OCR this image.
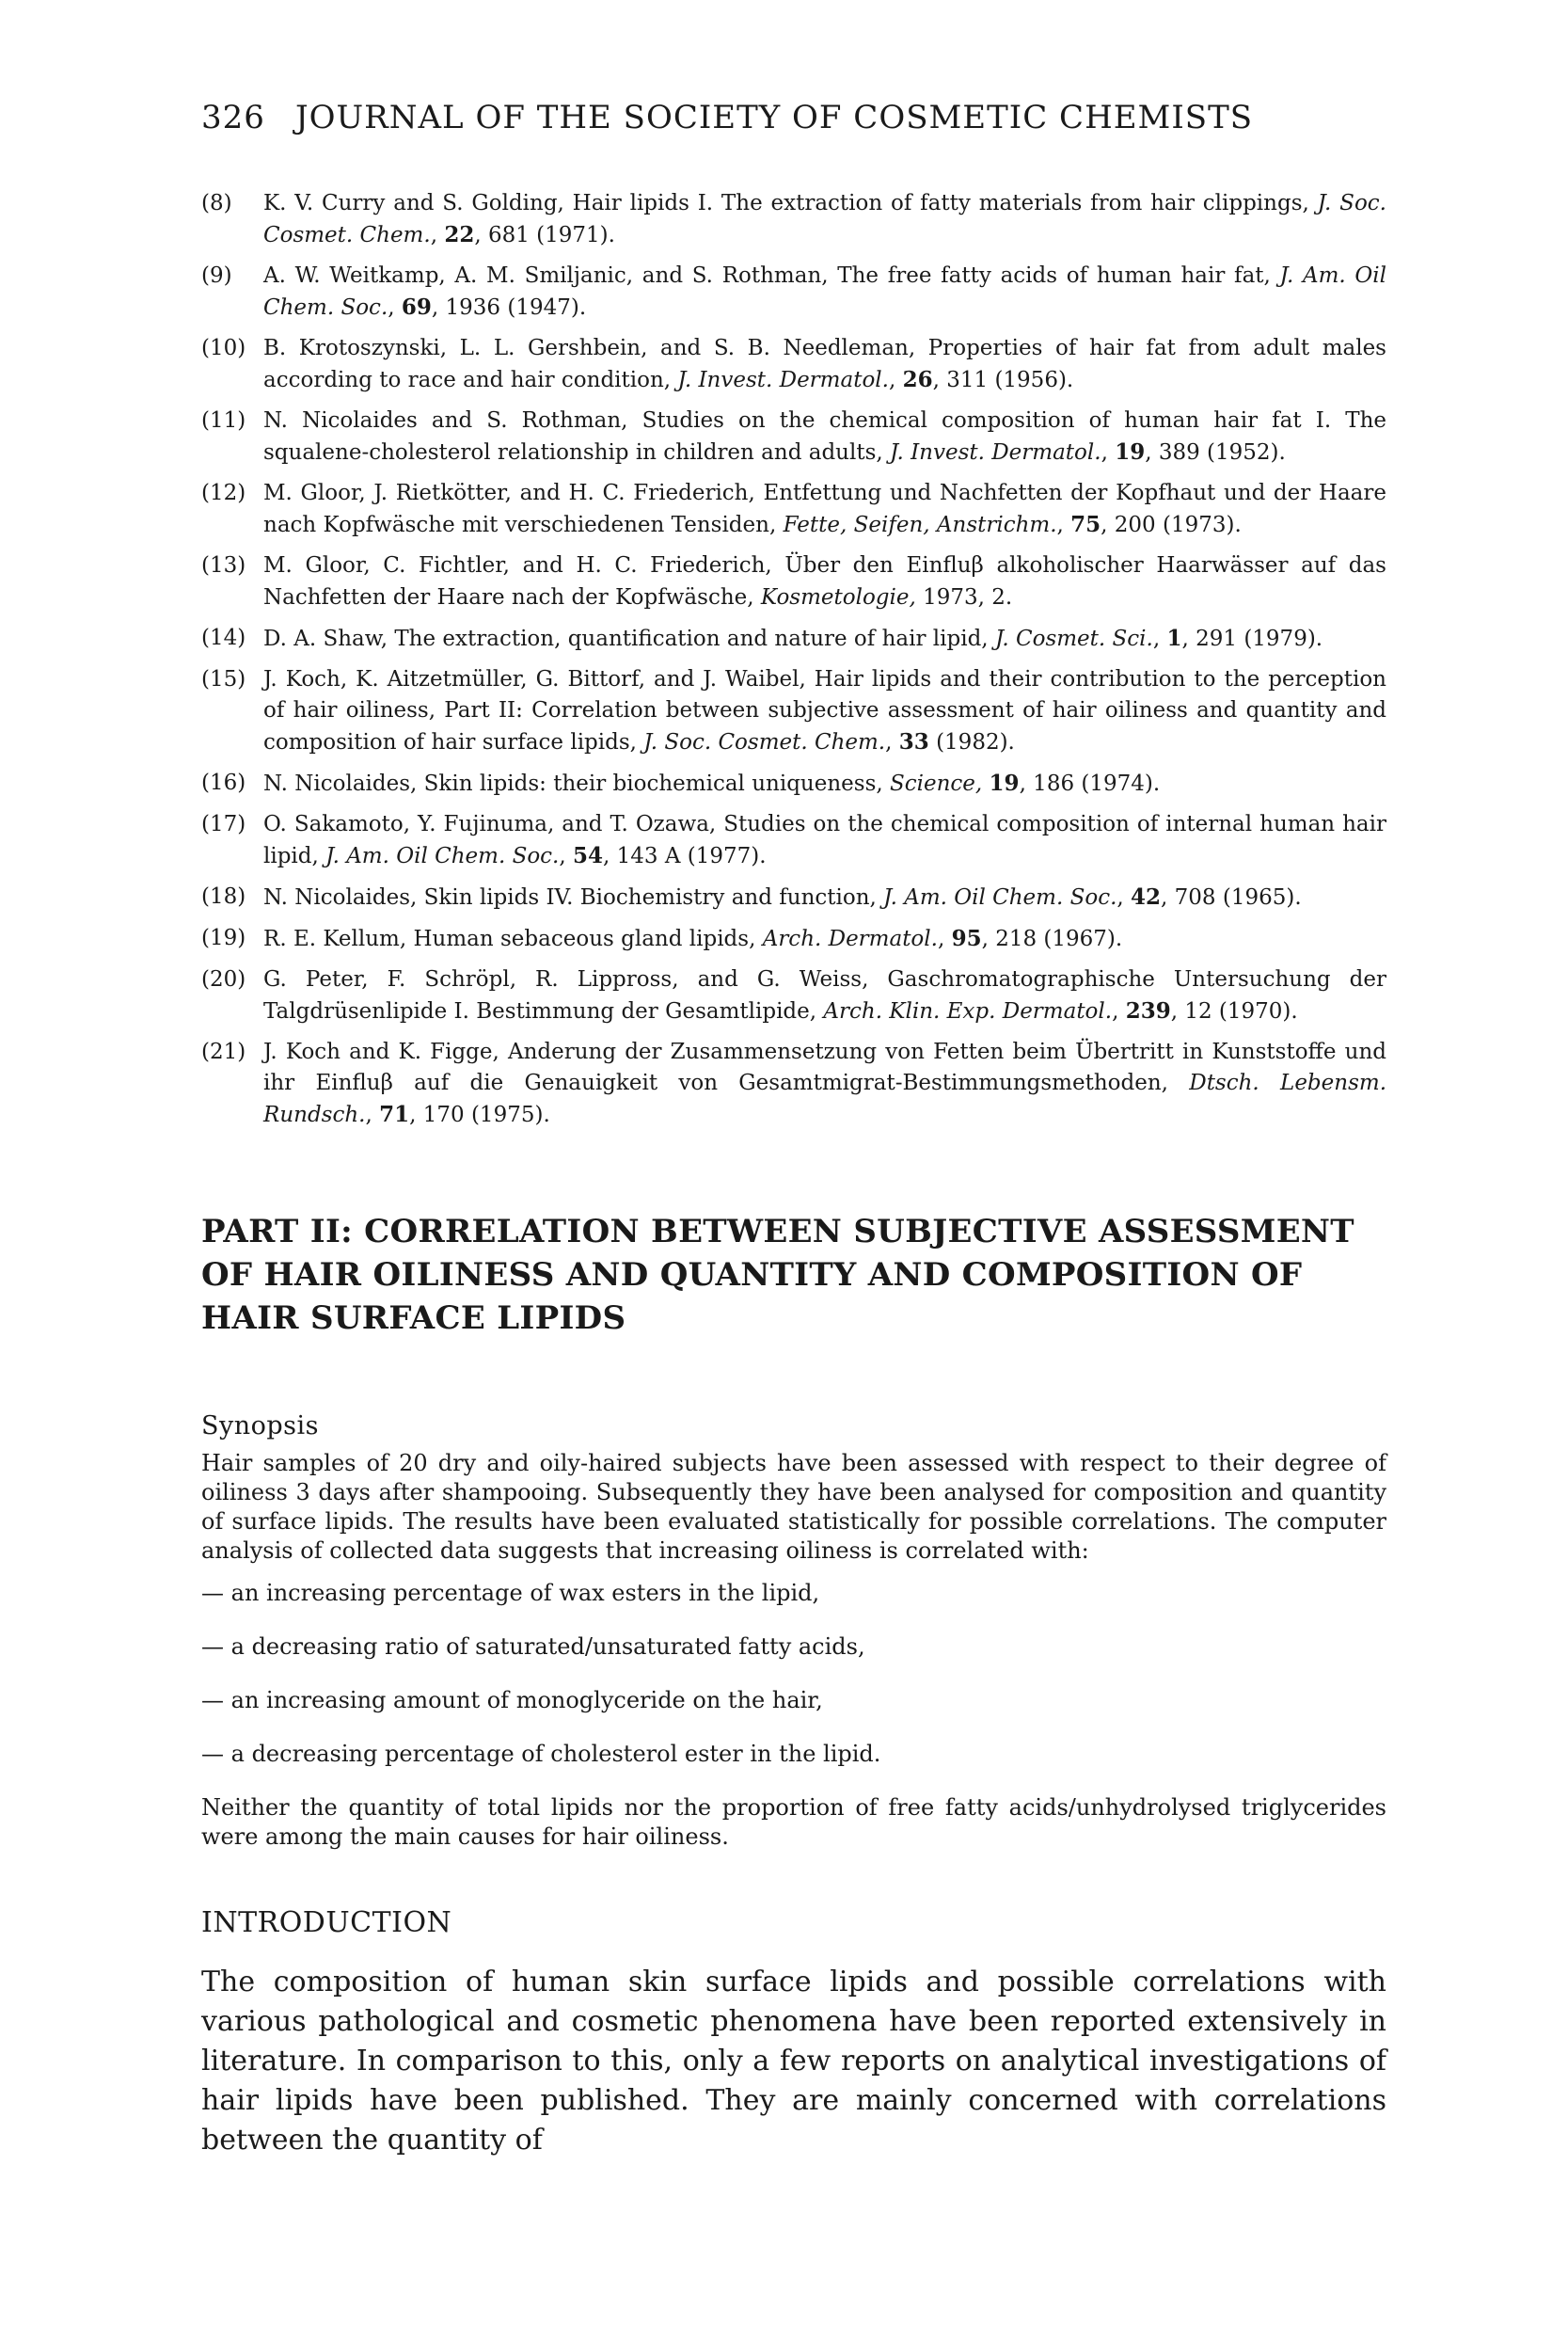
326 JOURNAL OF THE SOCIETY OF COSMETIC CHEMISTS
(8) K. V. Curry and S. Golding, Hair lipids I. The extraction of fatty materials from hair clippings, J. Soc. Cosmet. Chem., 22, 681 (1971).
(9) A. W. Weitkamp, A. M. Smiljanic, and S. Rothman, The free fatty acids of human hair fat, J. Am. Oil Chem. Soc., 69, 1936 (1947).
(10) B. Krotoszynski, L. L. Gershbein, and S. B. Needleman, Properties of hair fat from adult males according to race and hair condition, J. Invest. Dermatol., 26, 311 (1956).
(11) N. Nicolaides and S. Rothman, Studies on the chemical composition of human hair fat I. The squalene-cholesterol relationship in children and adults, J. Invest. Dermatol., 19, 389 (1952).
(12) M. Gloor, J. Rietkötter, and H. C. Friederich, Entfettung und Nachfetten der Kopfhaut und der Haare nach Kopfwäsche mit verschiedenen Tensiden, Fette, Seifen, Anstrichm., 75, 200 (1973).
(13) M. Gloor, C. Fichtler, and H. C. Friederich, Über den Einfluβ alkoholischer Haarwässer auf das Nachfetten der Haare nach der Kopfwäsche, Kosmetologie, 1973, 2.
(14) D. A. Shaw, The extraction, quantification and nature of hair lipid, J. Cosmet. Sci., 1, 291 (1979).
(15) J. Koch, K. Aitzetmüller, G. Bittorf, and J. Waibel, Hair lipids and their contribution to the perception of hair oiliness, Part II: Correlation between subjective assessment of hair oiliness and quantity and composition of hair surface lipids, J. Soc. Cosmet. Chem., 33 (1982).
(16) N. Nicolaides, Skin lipids: their biochemical uniqueness, Science, 19, 186 (1974).
(17) O. Sakamoto, Y. Fujinuma, and T. Ozawa, Studies on the chemical composition of internal human hair lipid, J. Am. Oil Chem. Soc., 54, 143 A (1977).
(18) N. Nicolaides, Skin lipids IV. Biochemistry and function, J. Am. Oil Chem. Soc., 42, 708 (1965).
(19) R. E. Kellum, Human sebaceous gland lipids, Arch. Dermatol., 95, 218 (1967).
(20) G. Peter, F. Schröpl, R. Lippross, and G. Weiss, Gaschromatographische Untersuchung der Talgdrüsenlipide I. Bestimmung der Gesamtlipide, Arch. Klin. Exp. Dermatol., 239, 12 (1970).
(21) J. Koch and K. Figge, Anderung der Zusammensetzung von Fetten beim Übertritt in Kunststoffe und ihr Einfluβ auf die Genauigkeit von Gesamtmigrat-Bestimmungsmethoden, Dtsch. Lebensm. Rundsch., 71, 170 (1975).
PART II: CORRELATION BETWEEN SUBJECTIVE ASSESSMENT OF HAIR OILINESS AND QUANTITY AND COMPOSITION OF HAIR SURFACE LIPIDS
Synopsis

Hair samples of 20 dry and oily-haired subjects have been assessed with respect to their degree of oiliness 3 days after shampooing. Subsequently they have been analysed for composition and quantity of surface lipids. The results have been evaluated statistically for possible correlations. The computer analysis of collected data suggests that increasing oiliness is correlated with:

— an increasing percentage of wax esters in the lipid,
— a decreasing ratio of saturated/unsaturated fatty acids,
— an increasing amount of monoglyceride on the hair,
— a decreasing percentage of cholesterol ester in the lipid.

Neither the quantity of total lipids nor the proportion of free fatty acids/unhydrolysed triglycerides were among the main causes for hair oiliness.

INTRODUCTION

The composition of human skin surface lipids and possible correlations with various pathological and cosmetic phenomena have been reported extensively in literature. In comparison to this, only a few reports on analytical investigations of hair lipids have been published. They are mainly concerned with correlations between the quantity of
